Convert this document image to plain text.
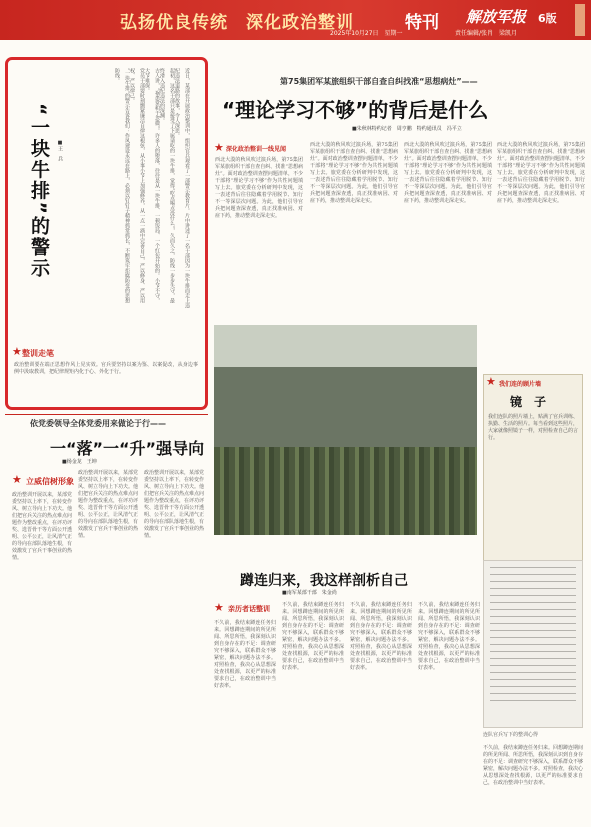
弘扬优良传统　深化政治整训	特刊 解放军报 6版
2025年10月27日　星期一	责任编辑/张肖　梁凯月
“一块牛排”的警示	■王　兵	近日，某部在开展政治整训中，组织官兵观看了一部警示教育片。片中讲述了一名干部因为一块牛排而走上违纪违法道路的故事，令人深思。
起初，这名干部只是接受了下属请吃的一块牛排，觉得“吃点喝点没什么”，久而久之，防线一步步失守，最终滑入违纪违法的深渊。
古人讲，“祸患常积于忽微”。许多人的堕落，往往是从一块牛排、一顿饭局、一个红包开始的。小节不守，大节难保。
党员干部要时刻绷紧廉洁自律这根弦，从小事小节上加强修养，从一点一滴中完善自己，严以修身、严以用权、严以律己。
“一块牛排”的警示告诉我们：作风建设永远在路上，必须以钉钉子精神抓常抓长，不断筑牢拒腐防变的思想防线。
★ 整训走笔
政治整训要在端正思想作风上见实效。官兵要坚持以案为鉴、以案促改，从身边事例中汲取教训，把纪律规矩内化于心、外化于行。
第75集团军某旅组织干部自查自纠找准“思想病灶”——
“理论学习不够”的背后是什么
■朱秋林特约记者　周亨鹏　特约通讯员　冯平立
★ 深化政治整训一线见闻
西北大漠的秋风吹过演兵场，第75集团军某旅组织干部自查自纠、找准“思想病灶”。面对政治整训查摆问题清单，不少干部将“理论学习不够”作为共性问题填写上去。旅党委在分析研判中发现，这一表述背后往往隐藏着学用脱节、知行不一等深层次问题。为此，他们引导官兵把问题查深查透，真正找准病因、对症下药，推动整训走深走实。
西北大漠的秋风吹过演兵场，第75集团军某旅组织干部自查自纠、找准“思想病灶”。面对政治整训查摆问题清单，不少干部将“理论学习不够”作为共性问题填写上去。旅党委在分析研判中发现，这一表述背后往往隐藏着学用脱节、知行不一等深层次问题。为此，他们引导官兵把问题查深查透，真正找准病因、对症下药，推动整训走深走实。
西北大漠的秋风吹过演兵场，第75集团军某旅组织干部自查自纠、找准“思想病灶”。面对政治整训查摆问题清单，不少干部将“理论学习不够”作为共性问题填写上去。旅党委在分析研判中发现，这一表述背后往往隐藏着学用脱节、知行不一等深层次问题。为此，他们引导官兵把问题查深查透，真正找准病因、对症下药，推动整训走深走实。
西北大漠的秋风吹过演兵场，第75集团军某旅组织干部自查自纠、找准“思想病灶”。面对政治整训查摆问题清单，不少干部将“理论学习不够”作为共性问题填写上去。旅党委在分析研判中发现，这一表述背后往往隐藏着学用脱节、知行不一等深层次问题。为此，他们引导官兵把问题查深查透，真正找准病因、对症下药，推动整训走深走实。
★ 我们连的顾片墙
镜　子
我们连队的照片墙上，贴满了官兵训练、执勤、生活的照片。每当看到这些照片，大家就像照镜子一样，对照检查自己的言行。
连队官兵写下的整训心得
不久前，我结束蹲连任务归来。回想蹲连期间的所见所闻、所思所悟，我深刻认识到自身存在的不足：调查研究不够深入，联系群众不够紧密，解决问题办法不多。对照检查，我决心从思想深处查找根源，以更严的标准要求自己，在政治整训中当好表率。
依党委领导全体党委用来做论于行——
一“落”一“升”强导向
■杨金龙　王坤
★ 立威信树形象
政治整训开展以来，某部党委坚持以上率下，在转变作风、树立导向上下功夫。他们把官兵关注的热点难点问题作为整改重点，在评功评奖、选晋骨干等方面公开透明、公平公正，让风清气正的导向在部队落地生根，有效激发了官兵干事创业的热情。
政治整训开展以来，某部党委坚持以上率下，在转变作风、树立导向上下功夫。他们把官兵关注的热点难点问题作为整改重点，在评功评奖、选晋骨干等方面公开透明、公平公正，让风清气正的导向在部队落地生根，有效激发了官兵干事创业的热情。
政治整训开展以来，某部党委坚持以上率下，在转变作风、树立导向上下功夫。他们把官兵关注的热点难点问题作为整改重点，在评功评奖、选晋骨干等方面公开透明、公平公正，让风清气正的导向在部队落地生根，有效激发了官兵干事创业的热情。
蹲连归来，我这样剖析自己
■南军某部干部　朱金尚
★ 亲历者话整训
不久前，我结束蹲连任务归来。回想蹲连期间的所见所闻、所思所悟，我深刻认识到自身存在的不足：调查研究不够深入，联系群众不够紧密，解决问题办法不多。对照检查，我决心从思想深处查找根源，以更严的标准要求自己，在政治整训中当好表率。
不久前，我结束蹲连任务归来。回想蹲连期间的所见所闻、所思所悟，我深刻认识到自身存在的不足：调查研究不够深入，联系群众不够紧密，解决问题办法不多。对照检查，我决心从思想深处查找根源，以更严的标准要求自己，在政治整训中当好表率。
不久前，我结束蹲连任务归来。回想蹲连期间的所见所闻、所思所悟，我深刻认识到自身存在的不足：调查研究不够深入，联系群众不够紧密，解决问题办法不多。对照检查，我决心从思想深处查找根源，以更严的标准要求自己，在政治整训中当好表率。
不久前，我结束蹲连任务归来。回想蹲连期间的所见所闻、所思所悟，我深刻认识到自身存在的不足：调查研究不够深入，联系群众不够紧密，解决问题办法不多。对照检查，我决心从思想深处查找根源，以更严的标准要求自己，在政治整训中当好表率。
